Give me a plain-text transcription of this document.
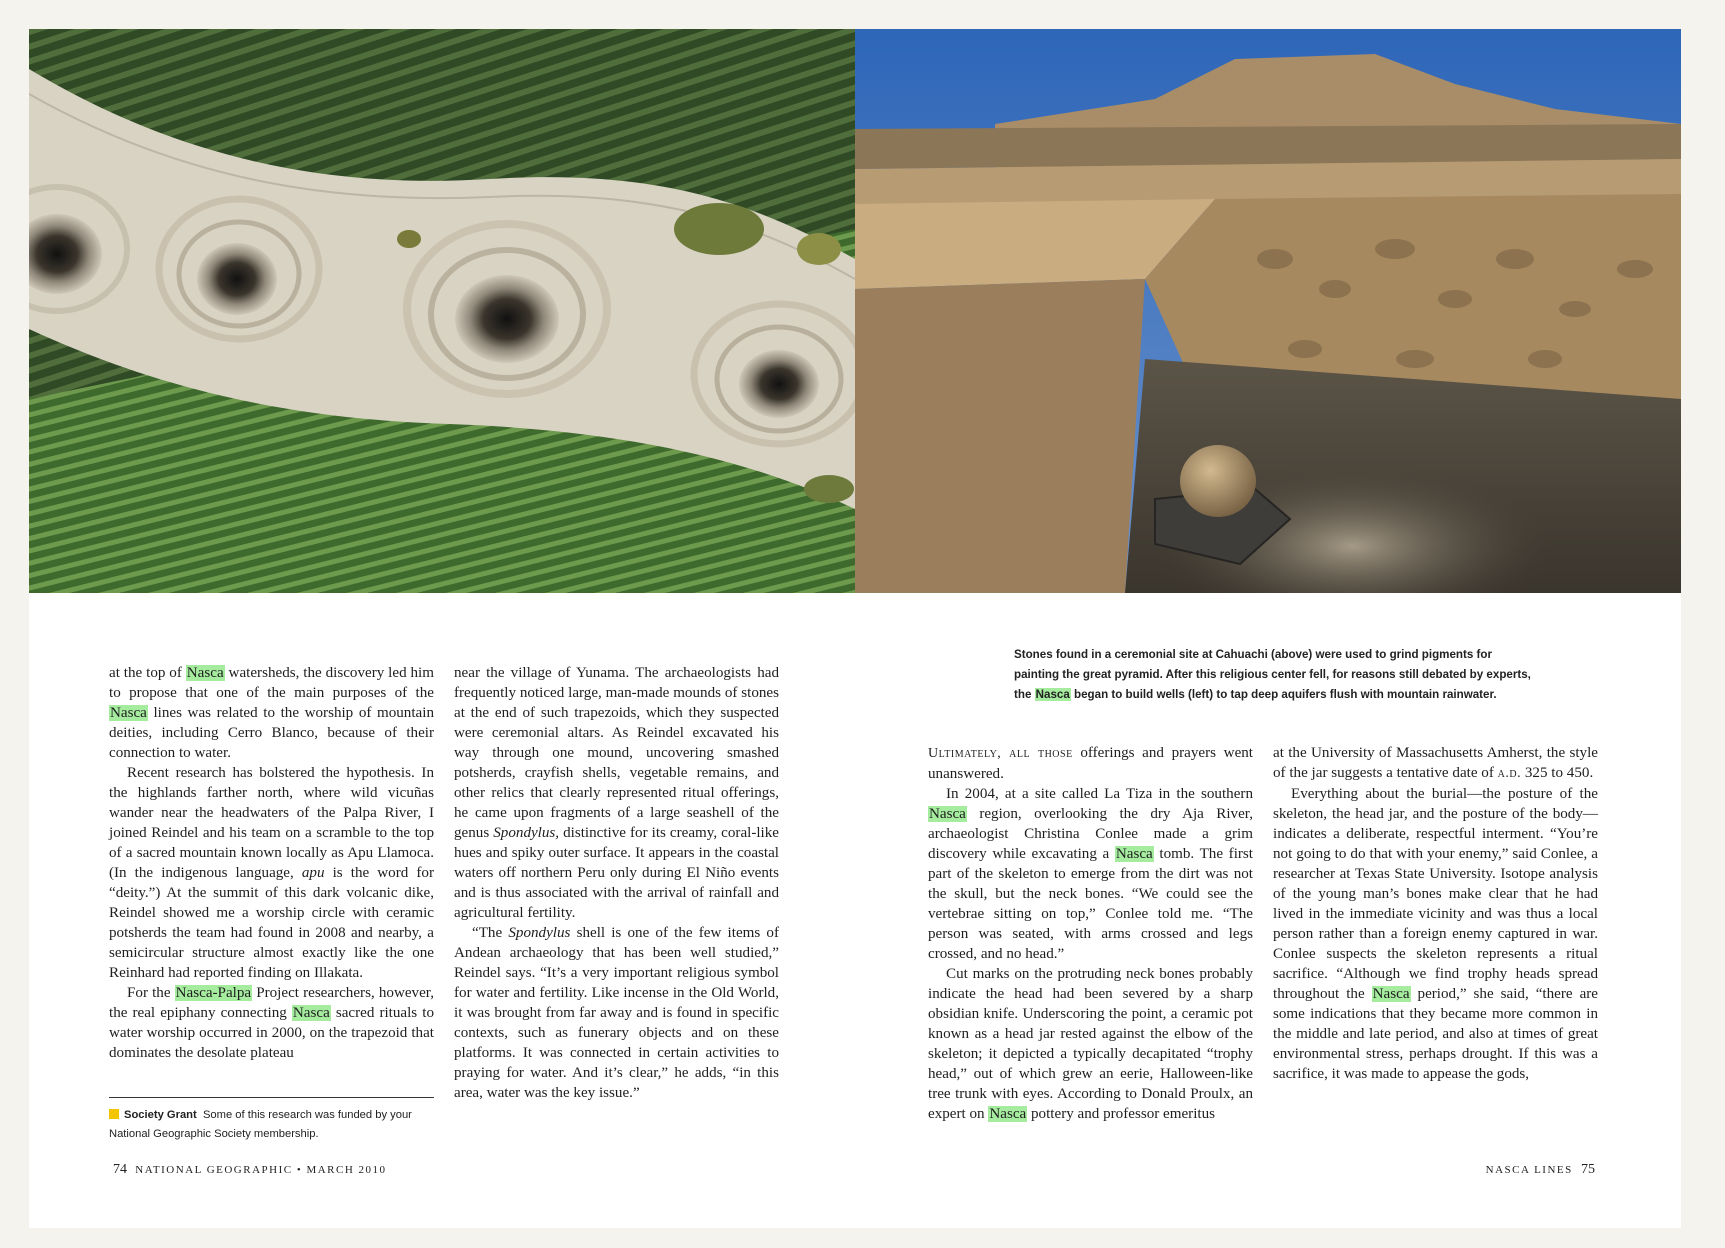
Stones found in a ceremonial site at Cahuachi (above) were used to grind pigments for
painting the great pyramid. After this religious center fell, for reasons still debated by experts,
the Nasca began to build wells (left) to tap deep aquifers flush with mountain rainwater.

at the top of Nasca watersheds, the discovery led him to propose that one of the main purposes of the Nasca lines was related to the worship of mountain deities, including Cerro Blanco, because of their connection to water.

Recent research has bolstered the hypothesis. In the highlands farther north, where wild vicuñas wander near the headwaters of the Palpa River, I joined Reindel and his team on a scramble to the top of a sacred mountain known locally as Apu Llamoca. (In the indigenous language, apu is the word for “deity.”) At the summit of this dark volcanic dike, Reindel showed me a worship circle with ceramic potsherds the team had found in 2008 and nearby, a semicircular structure almost exactly like the one Reinhard had reported finding on Illakata.

For the Nasca-Palpa Project researchers, however, the real epiphany connecting Nasca sacred rituals to water worship occurred in 2000, on the trapezoid that dominates the desolate plateau

Society Grant Some of this research was funded by your National Geographic Society membership.

near the village of Yunama. The archaeologists had frequently noticed large, man-made mounds of stones at the end of such trapezoids, which they suspected were ceremonial altars. As Reindel excavated his way through one mound, uncovering smashed potsherds, crayfish shells, vegetable remains, and other relics that clearly represented ritual offerings, he came upon fragments of a large seashell of the genus Spondylus, distinctive for its creamy, coral-like hues and spiky outer surface. It appears in the coastal waters off northern Peru only during El Niño events and is thus associated with the arrival of rainfall and agricultural fertility.

“The Spondylus shell is one of the few items of Andean archaeology that has been well studied,” Reindel says. “It’s a very important religious symbol for water and fertility. Like incense in the Old World, it was brought from far away and is found in specific contexts, such as funerary objects and on these platforms. It was connected in certain activities to praying for water. And it’s clear,” he adds, “in this area, water was the key issue.”

Ultimately, all those offerings and prayers went unanswered.

In 2004, at a site called La Tiza in the southern Nasca region, overlooking the dry Aja River, archaeologist Christina Conlee made a grim discovery while excavating a Nasca tomb. The first part of the skeleton to emerge from the dirt was not the skull, but the neck bones. “We could see the vertebrae sitting on top,” Conlee told me. “The person was seated, with arms crossed and legs crossed, and no head.”

Cut marks on the protruding neck bones probably indicate the head had been severed by a sharp obsidian knife. Underscoring the point, a ceramic pot known as a head jar rested against the elbow of the skeleton; it depicted a typically decapitated “trophy head,” out of which grew an eerie, Halloween-like tree trunk with eyes. According to Donald Proulx, an expert on Nasca pottery and professor emeritus

at the University of Massachusetts Amherst, the style of the jar suggests a tentative date of a.d. 325 to 450.

Everything about the burial—the posture of the skeleton, the head jar, and the posture of the body—indicates a deliberate, respectful interment. “You’re not going to do that with your enemy,” said Conlee, a researcher at Texas State University. Isotope analysis of the young man’s bones make clear that he had lived in the immediate vicinity and was thus a local person rather than a foreign enemy captured in war. Conlee suspects the skeleton represents a ritual sacrifice. “Although we find trophy heads spread throughout the Nasca period,” she said, “there are some indications that they became more common in the middle and late period, and also at times of great environmental stress, perhaps drought. If this was a sacrifice, it was made to appease the gods,

74 NATIONAL GEOGRAPHIC • MARCH 2010	NASCA LINES 75
